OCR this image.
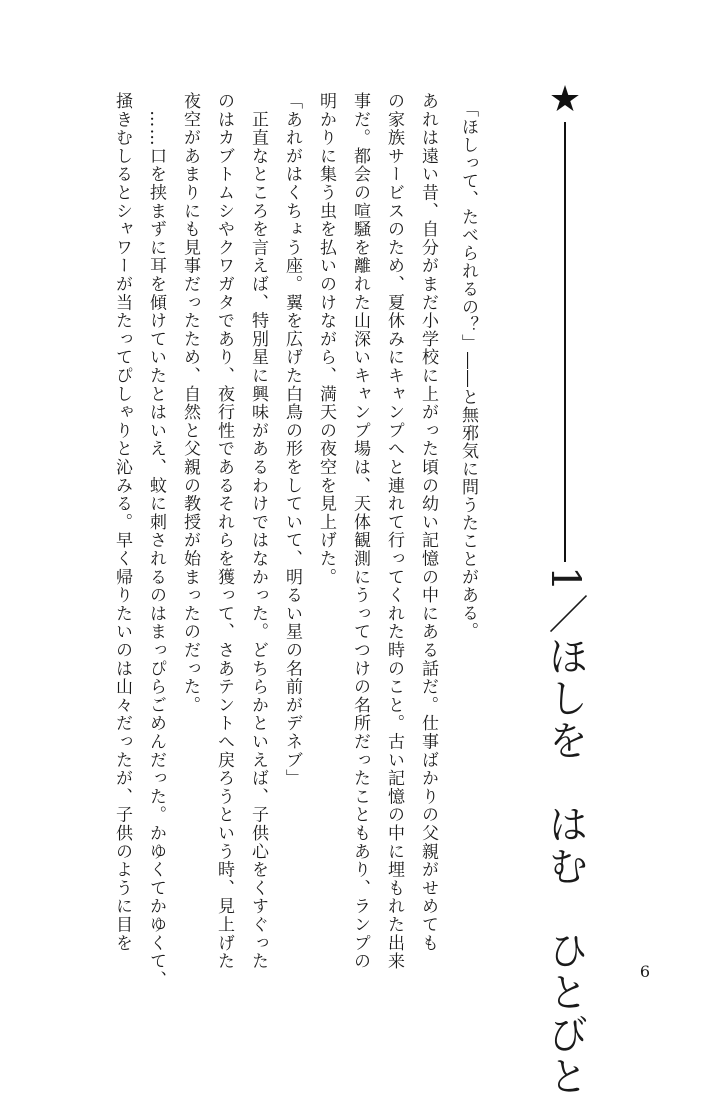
★
1／ほしを　はむ　ひとびと
「ほしって、たべられるの？」――と無邪気に問うたことがある。
あれは遠い昔、自分がまだ小学校に上がった頃の幼い記憶の中にある話だ。仕事ばかりの父親がせめても
の家族サービスのため、夏休みにキャンプへと連れて行ってくれた時のこと。古い記憶の中に埋もれた出来
事だ。都会の喧騒を離れた山深いキャンプ場は、天体観測にうってつけの名所だったこともあり、ランプの
明かりに集う虫を払いのけながら、満天の夜空を見上げた。
「あれがはくちょう座。翼を広げた白鳥の形をしていて、明るい星の名前がデネブ」
　正直なところを言えば、特別星に興味があるわけではなかった。どちらかといえば、子供心をくすぐった
のはカブトムシやクワガタであり、夜行性であるそれらを獲って、さあテントへ戻ろうという時、見上げた
夜空があまりにも見事だったため、自然と父親の教授が始まったのだった。
　……口を挟まずに耳を傾けていたとはいえ、蚊に刺されるのはまっぴらごめんだった。かゆくてかゆくて、
掻きむしるとシャワーが当たってぴしゃりと沁みる。早く帰りたいのは山々だったが、子供のように目を
6
